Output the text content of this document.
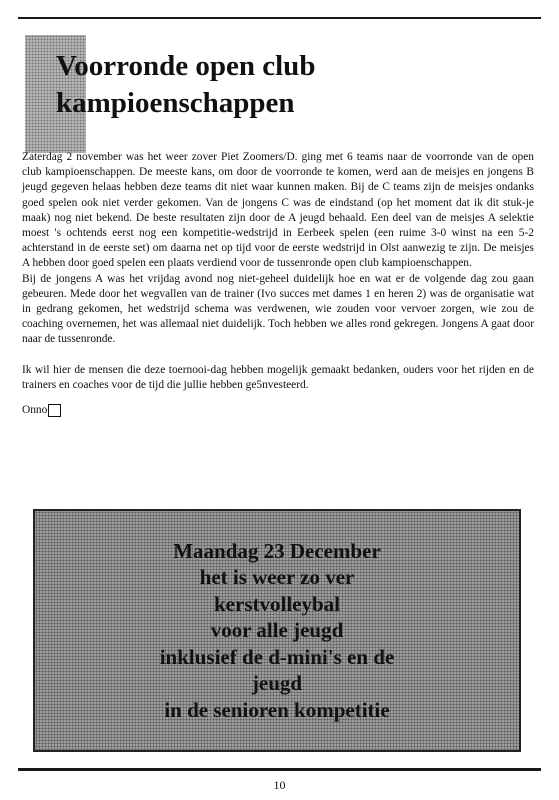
Voorronde open club
kampioenschappen

Zaterdag 2 november was het weer zover Piet Zoomers/D. ging met 6 teams naar de voorronde van de open club kampioenschappen. De meeste kans, om door de voorronde te komen, werd aan de meisjes en jongens B jeugd gegeven helaas hebben deze teams dit niet waar kunnen maken. Bij de C teams zijn de meisjes ondanks goed spelen ook niet verder gekomen. Van de jongens C was de eindstand (op het moment dat ik dit stuk-je maak) nog niet bekend. De beste resultaten zijn door de A jeugd behaald. Een deel van de meisjes A selektie moest 's ochtends eerst nog een kompetitie-wedstrijd in Eerbeek spelen (een ruime 3-0 winst na een 5-2 achterstand in de eerste set) om daarna net op tijd voor de eerste wedstrijd in Olst aanwezig te zijn. De meisjes A hebben door goed spelen een plaats verdiend voor de tussenronde open club kampioenschappen.

Bij de jongens A was het vrijdag avond nog niet-geheel duidelijk hoe en wat er de volgende dag zou gaan gebeuren. Mede door het wegvallen van de trainer (Ivo succes met dames 1 en heren 2) was de organisatie wat in gedrang gekomen, het wedstrijd schema was verdwenen, wie zouden voor vervoer zorgen, wie zou de coaching overnemen, het was allemaal niet duidelijk. Toch hebben we alles rond gekregen. Jongens A gaat door naar de tussenronde.

Ik wil hier de mensen die deze toernooi-dag hebben mogelijk gemaakt bedanken, ouders voor het rijden en de trainers en coaches voor de tijd die jullie hebben ge5nvesteerd.

Onno
Maandag 23 December
het is weer zo ver
kerstvolleybal
voor alle jeugd
inklusief de d-mini's en de
jeugd
in de senioren kompetitie
10
